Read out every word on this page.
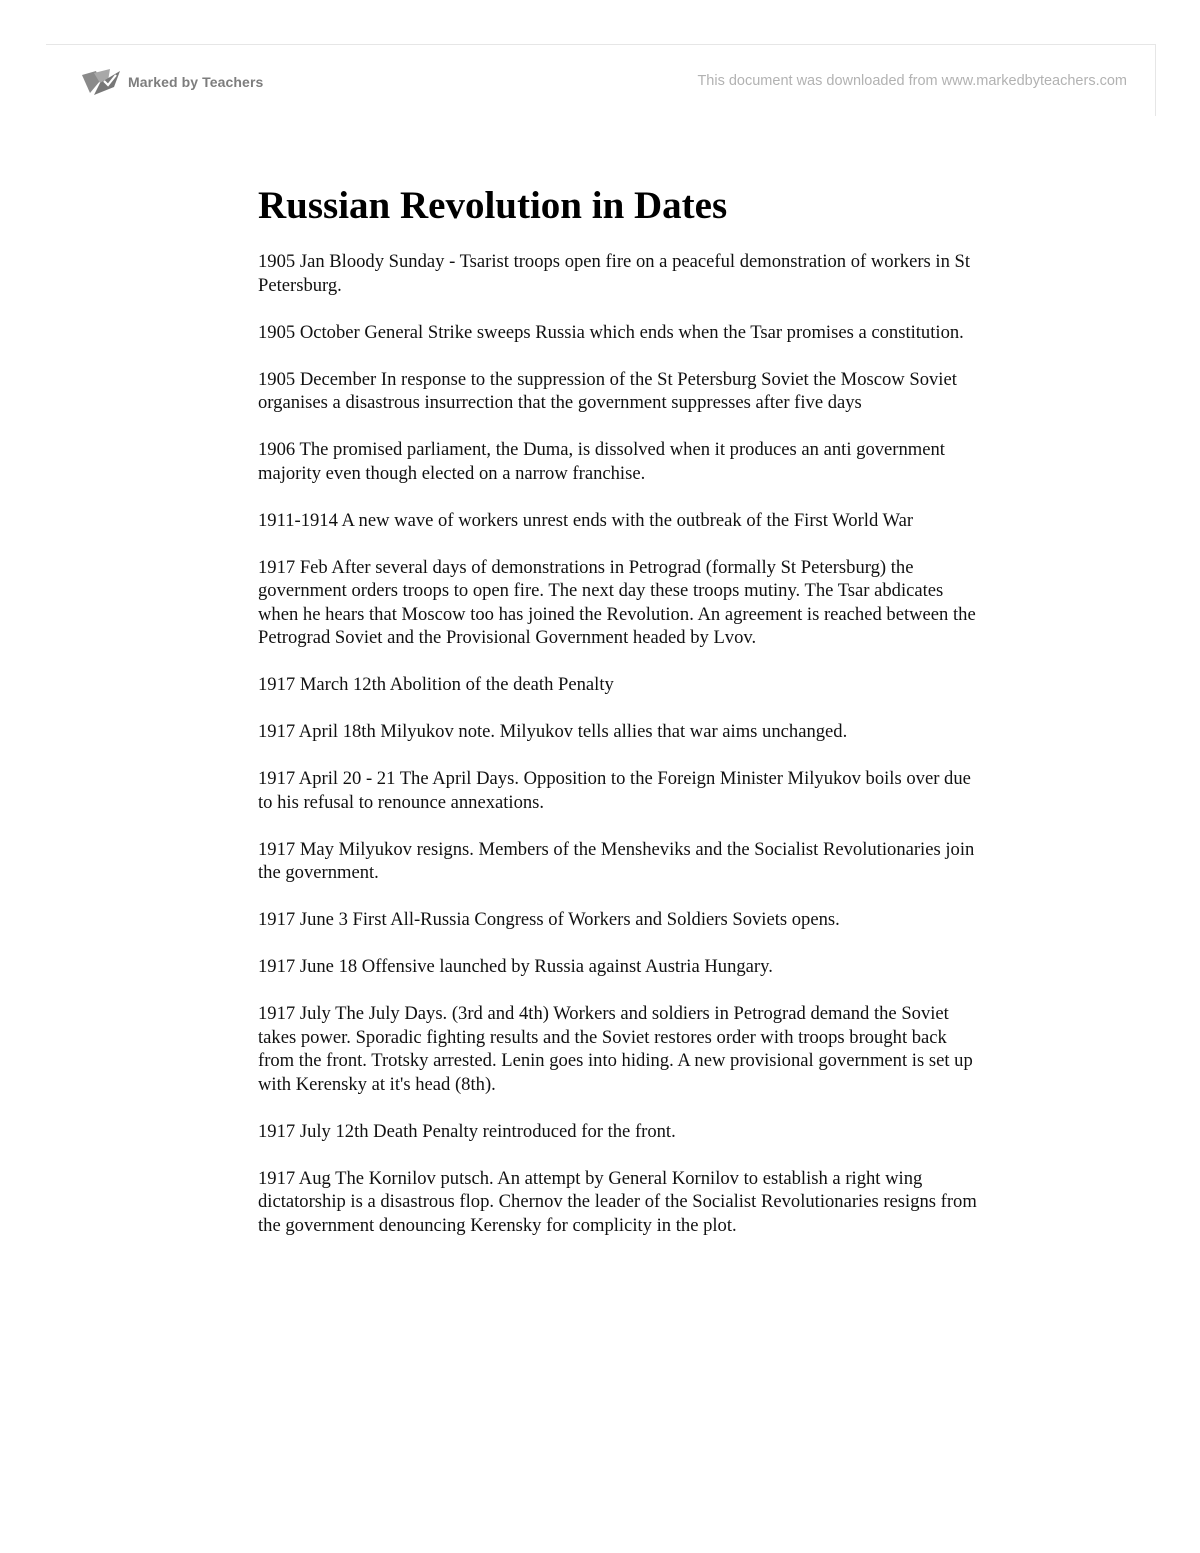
Marked by Teachers	This document was downloaded from www.markedbyteachers.com
Russian Revolution in Dates
1905 Jan Bloody Sunday - Tsarist troops open fire on a peaceful demonstration of workers in St Petersburg.
1905 October General Strike sweeps Russia which ends when the Tsar promises a constitution.
1905 December In response to the suppression of the St Petersburg Soviet the Moscow Soviet organises a disastrous insurrection that the government suppresses after five days
1906 The promised parliament, the Duma, is dissolved when it produces an anti government majority even though elected on a narrow franchise.
1911-1914 A new wave of workers unrest ends with the outbreak of the First World War
1917 Feb After several days of demonstrations in Petrograd (formally St Petersburg) the government orders troops to open fire. The next day these troops mutiny. The Tsar abdicates when he hears that Moscow too has joined the Revolution. An agreement is reached between the Petrograd Soviet and the Provisional Government headed by Lvov.
1917 March 12th Abolition of the death Penalty
1917 April 18th Milyukov note. Milyukov tells allies that war aims unchanged.
1917 April 20 - 21 The April Days. Opposition to the Foreign Minister Milyukov boils over due to his refusal to renounce annexations.
1917 May Milyukov resigns. Members of the Mensheviks and the Socialist Revolutionaries join the government.
1917 June 3 First All-Russia Congress of Workers and Soldiers Soviets opens.
1917 June 18 Offensive launched by Russia against Austria Hungary.
1917 July The July Days. (3rd and 4th) Workers and soldiers in Petrograd demand the Soviet takes power. Sporadic fighting results and the Soviet restores order with troops brought back from the front. Trotsky arrested. Lenin goes into hiding. A new provisional government is set up with Kerensky at it's head (8th).
1917 July 12th Death Penalty reintroduced for the front.
1917 Aug The Kornilov putsch. An attempt by General Kornilov to establish a right wing dictatorship is a disastrous flop. Chernov the leader of the Socialist Revolutionaries resigns from the government denouncing Kerensky for complicity in the plot.
